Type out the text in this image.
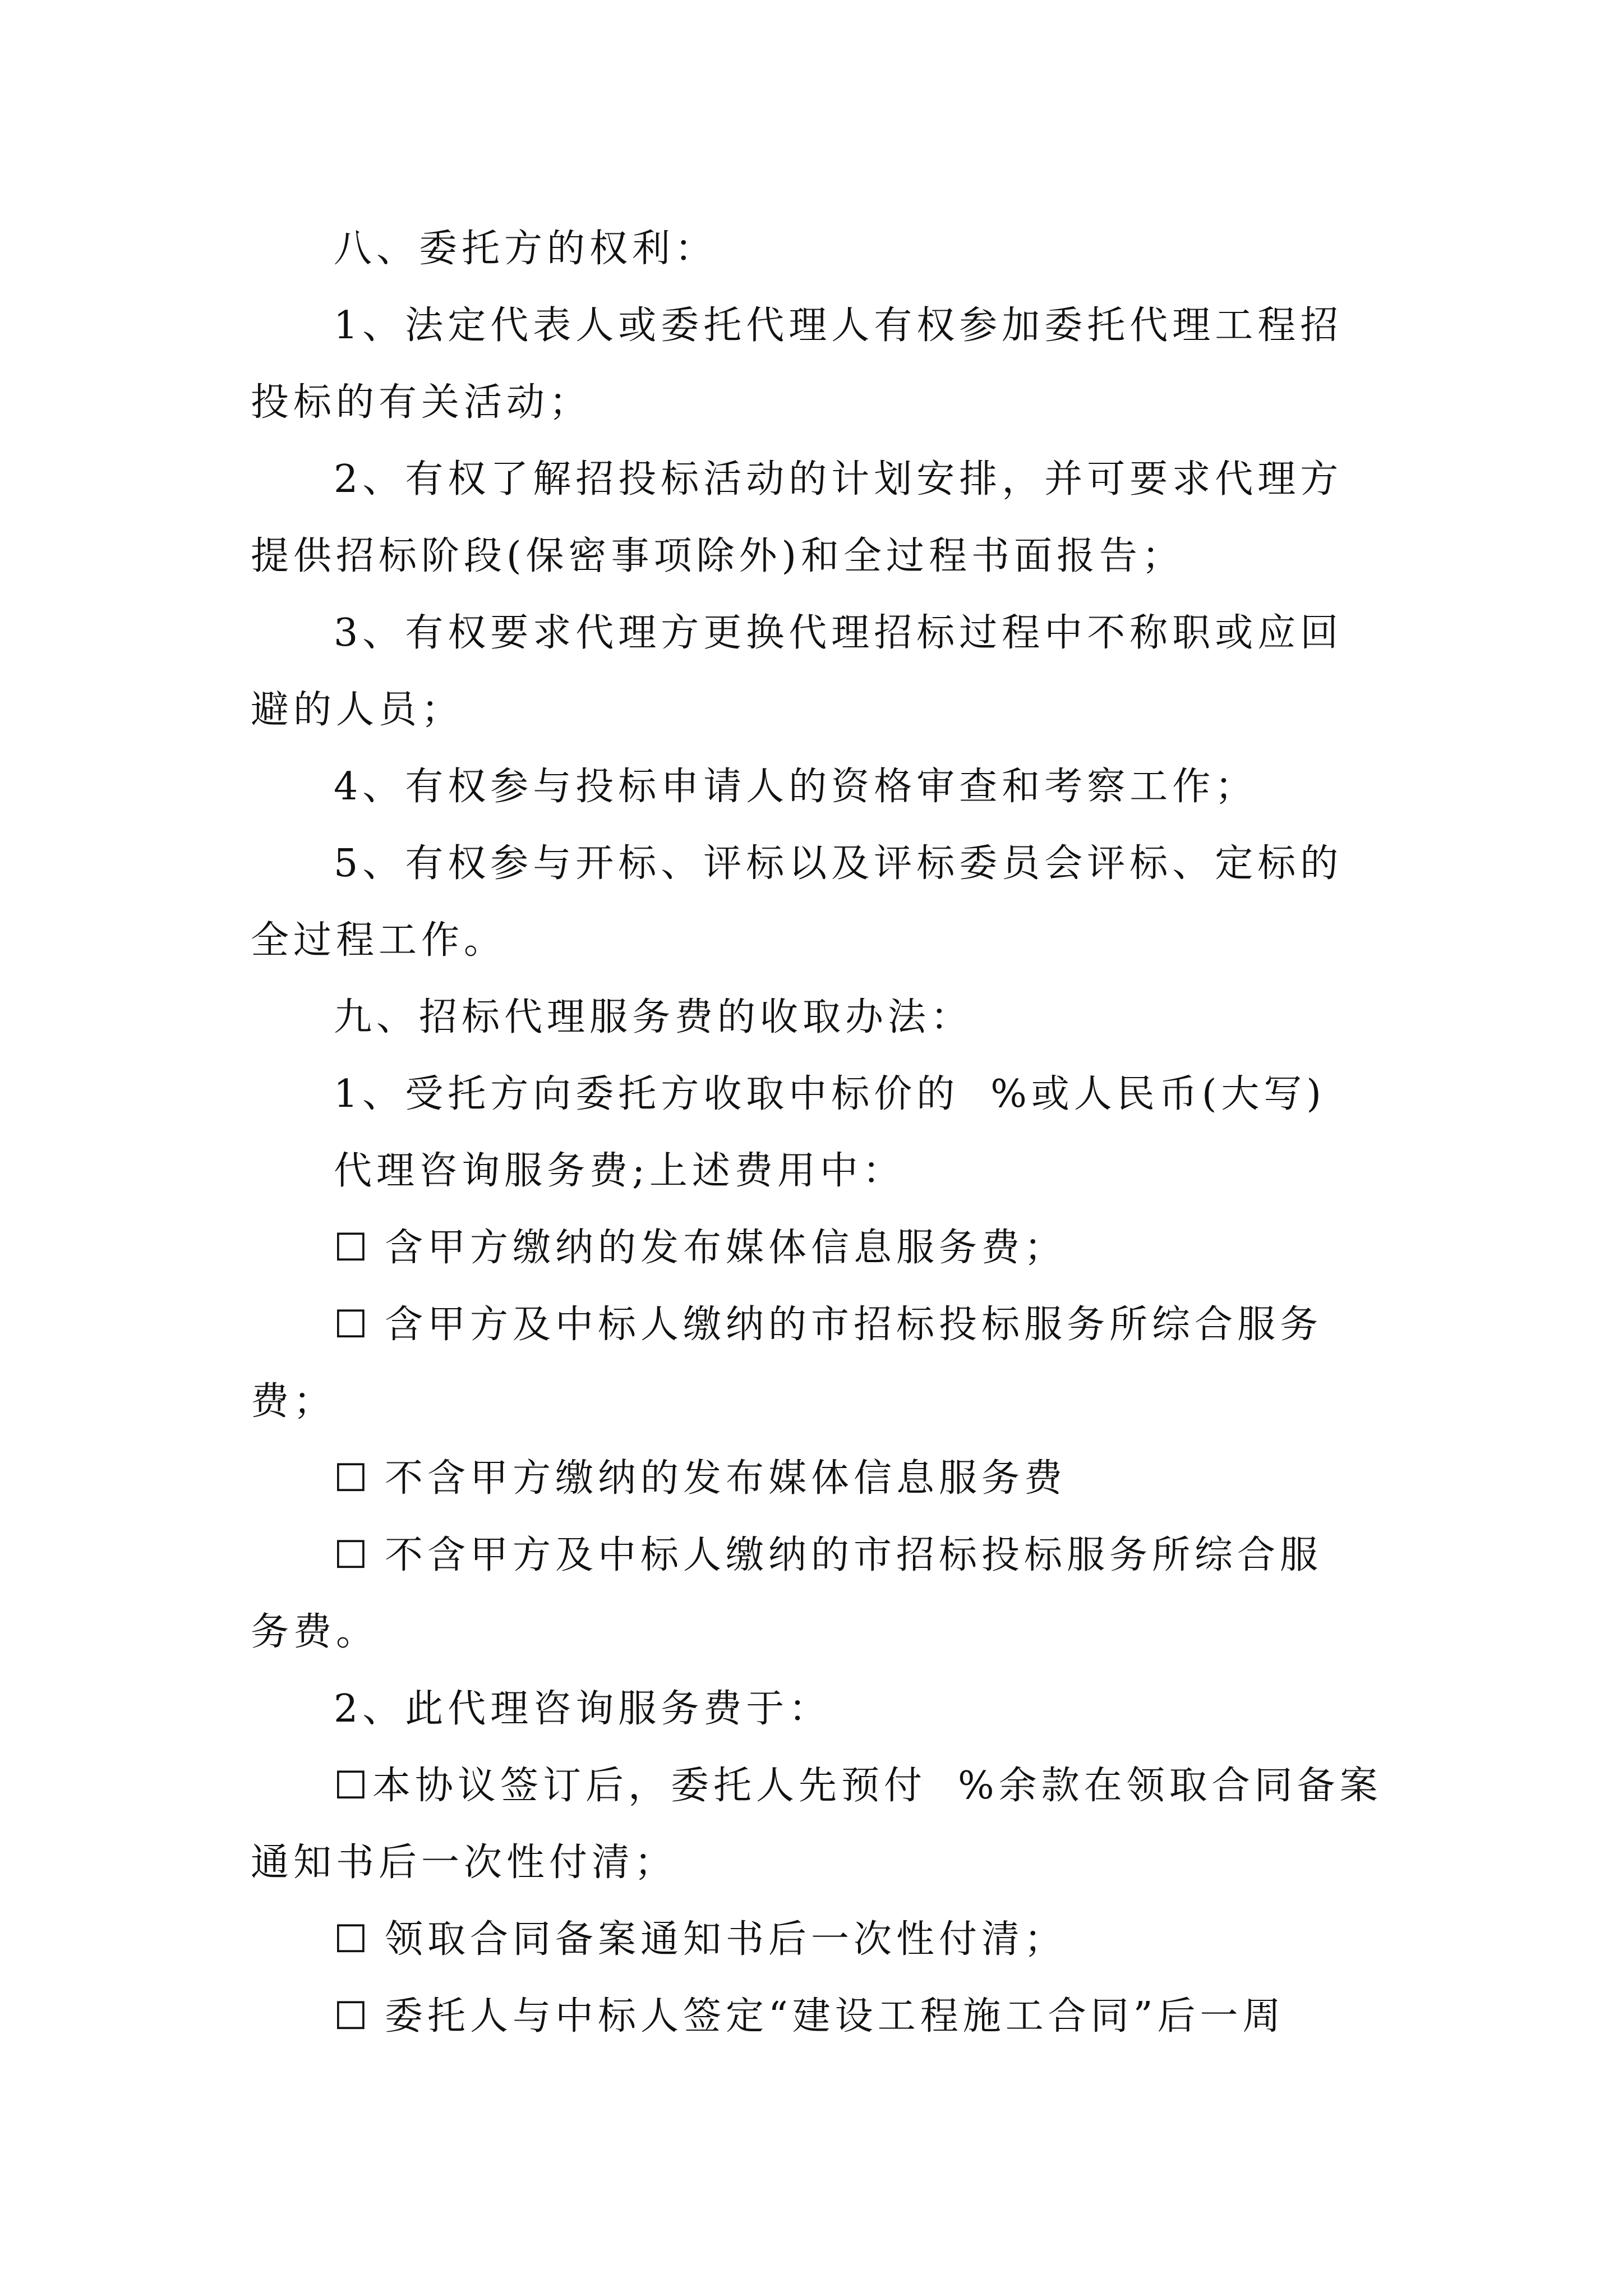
八、委托方的权利：
1、法定代表人或委托代理人有权参加委托代理工程招
投标的有关活动；
2、有权了解招投标活动的计划安排，并可要求代理方
提供招标阶段(保密事项除外)和全过程书面报告；
3、有权要求代理方更换代理招标过程中不称职或应回
避的人员；
4、有权参与投标申请人的资格审查和考察工作；
5、有权参与开标、评标以及评标委员会评标、定标的
全过程工作。
九、招标代理服务费的收取办法：
1、受托方向委托方收取中标价的 %或人民币(大写)
代理咨询服务费;上述费用中：
☐ 含甲方缴纳的发布媒体信息服务费；
☐ 含甲方及中标人缴纳的市招标投标服务所综合服务
费；
☐ 不含甲方缴纳的发布媒体信息服务费
☐ 不含甲方及中标人缴纳的市招标投标服务所综合服
务费。
2、此代理咨询服务费于：
☐本协议签订后，委托人先预付 %余款在领取合同备案
通知书后一次性付清；
☐ 领取合同备案通知书后一次性付清；
☐ 委托人与中标人签定“建设工程施工合同”后一周
